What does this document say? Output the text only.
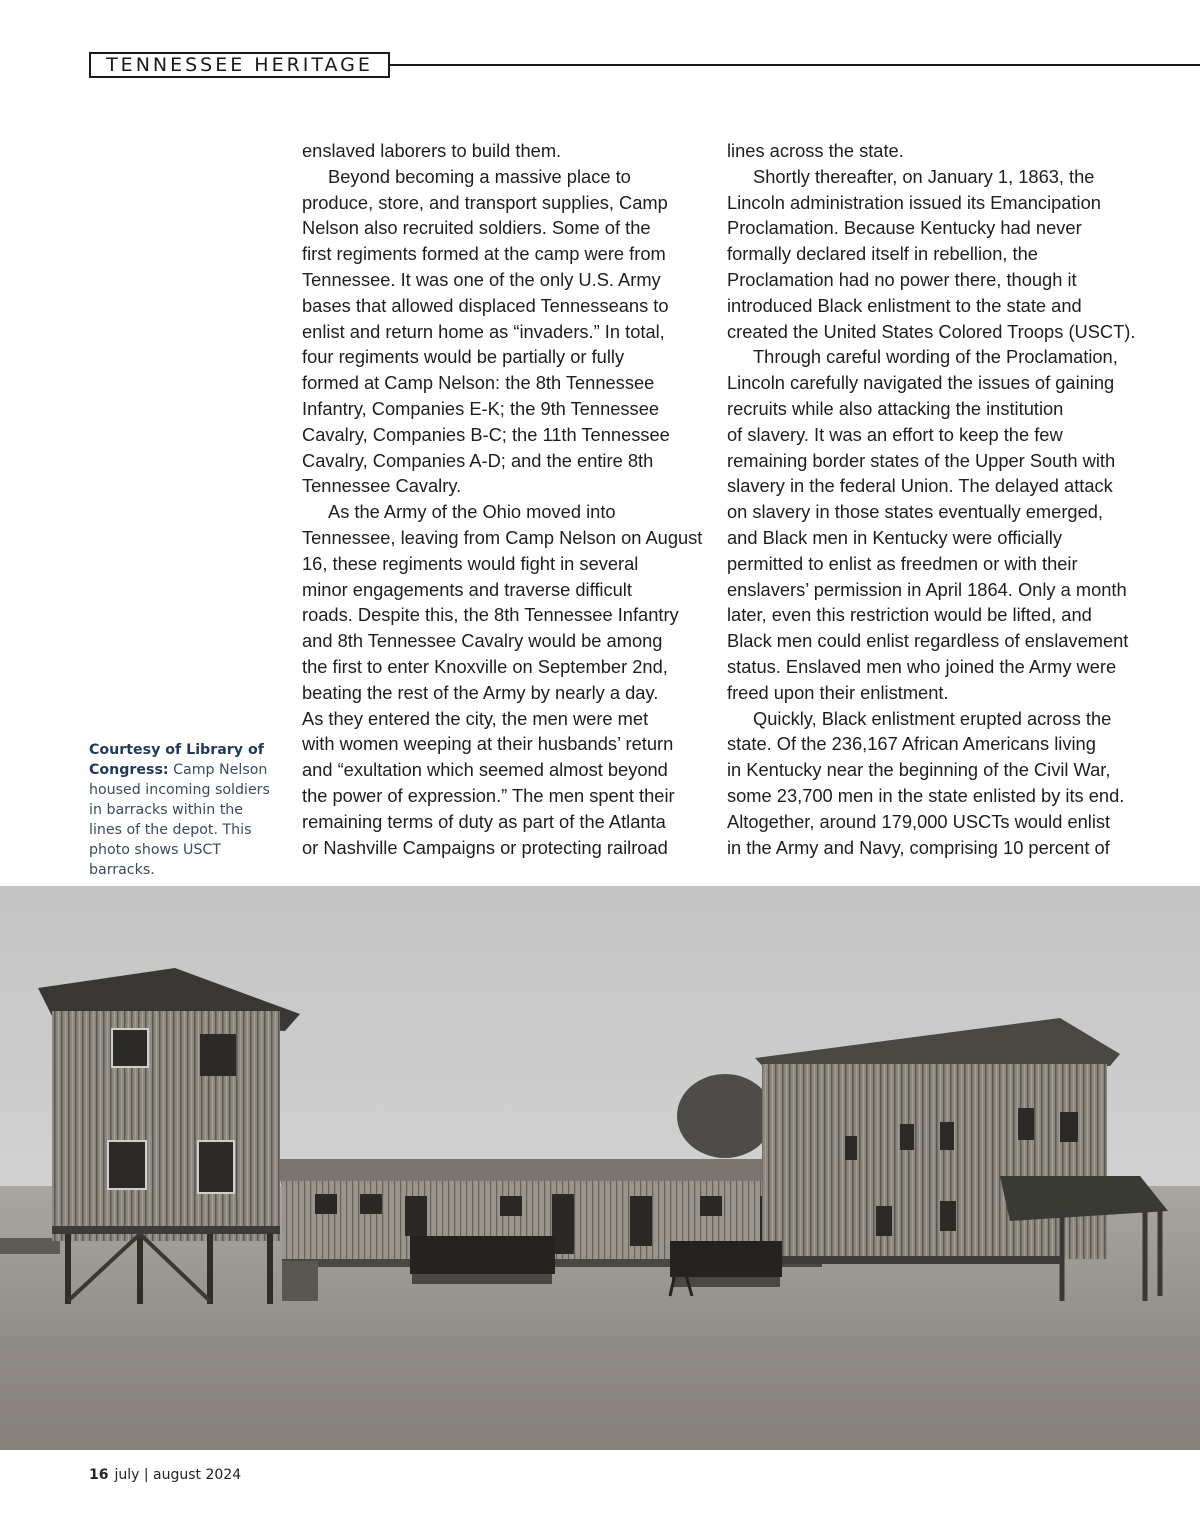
TENNESSEE HERITAGE
Courtesy of Library of Congress: Camp Nelson housed incoming soldiers in barracks within the lines of the depot. This photo shows USCT barracks.

enslaved laborers to build them.

Beyond becoming a massive place to

produce, store, and transport supplies, Camp

Nelson also recruited soldiers. Some of the

first regiments formed at the camp were from

Tennessee. It was one of the only U.S. Army

bases that allowed displaced Tennesseans to

enlist and return home as “invaders.” In total,

four regiments would be partially or fully

formed at Camp Nelson: the 8th Tennessee

Infantry, Companies E-K; the 9th Tennessee

Cavalry, Companies B-C; the 11th Tennessee

Cavalry, Companies A-D; and the entire 8th

Tennessee Cavalry.

As the Army of the Ohio moved into

Tennessee, leaving from Camp Nelson on August

16, these regiments would fight in several

minor engagements and traverse difficult

roads. Despite this, the 8th Tennessee Infantry

and 8th Tennessee Cavalry would be among

the first to enter Knoxville on September 2nd,

beating the rest of the Army by nearly a day.

As they entered the city, the men were met

with women weeping at their husbands’ return

and “exultation which seemed almost beyond

the power of expression.” The men spent their

remaining terms of duty as part of the Atlanta

or Nashville Campaigns or protecting railroad

lines across the state.

Shortly thereafter, on January 1, 1863, the

Lincoln administration issued its Emancipation

Proclamation. Because Kentucky had never

formally declared itself in rebellion, the

Proclamation had no power there, though it

introduced Black enlistment to the state and

created the United States Colored Troops (USCT).

Through careful wording of the Proclamation,

Lincoln carefully navigated the issues of gaining

recruits while also attacking the institution

of slavery. It was an effort to keep the few

remaining border states of the Upper South with

slavery in the federal Union. The delayed attack

on slavery in those states eventually emerged,

and Black men in Kentucky were officially

permitted to enlist as freedmen or with their

enslavers’ permission in April 1864. Only a month

later, even this restriction would be lifted, and

Black men could enlist regardless of enslavement

status. Enslaved men who joined the Army were

freed upon their enlistment.

Quickly, Black enlistment erupted across the

state. Of the 236,167 African Americans living

in Kentucky near the beginning of the Civil War,

some 23,700 men in the state enlisted by its end.

Altogether, around 179,000 USCTs would enlist

in the Army and Navy, comprising 10 percent of

16 july | august 2024
